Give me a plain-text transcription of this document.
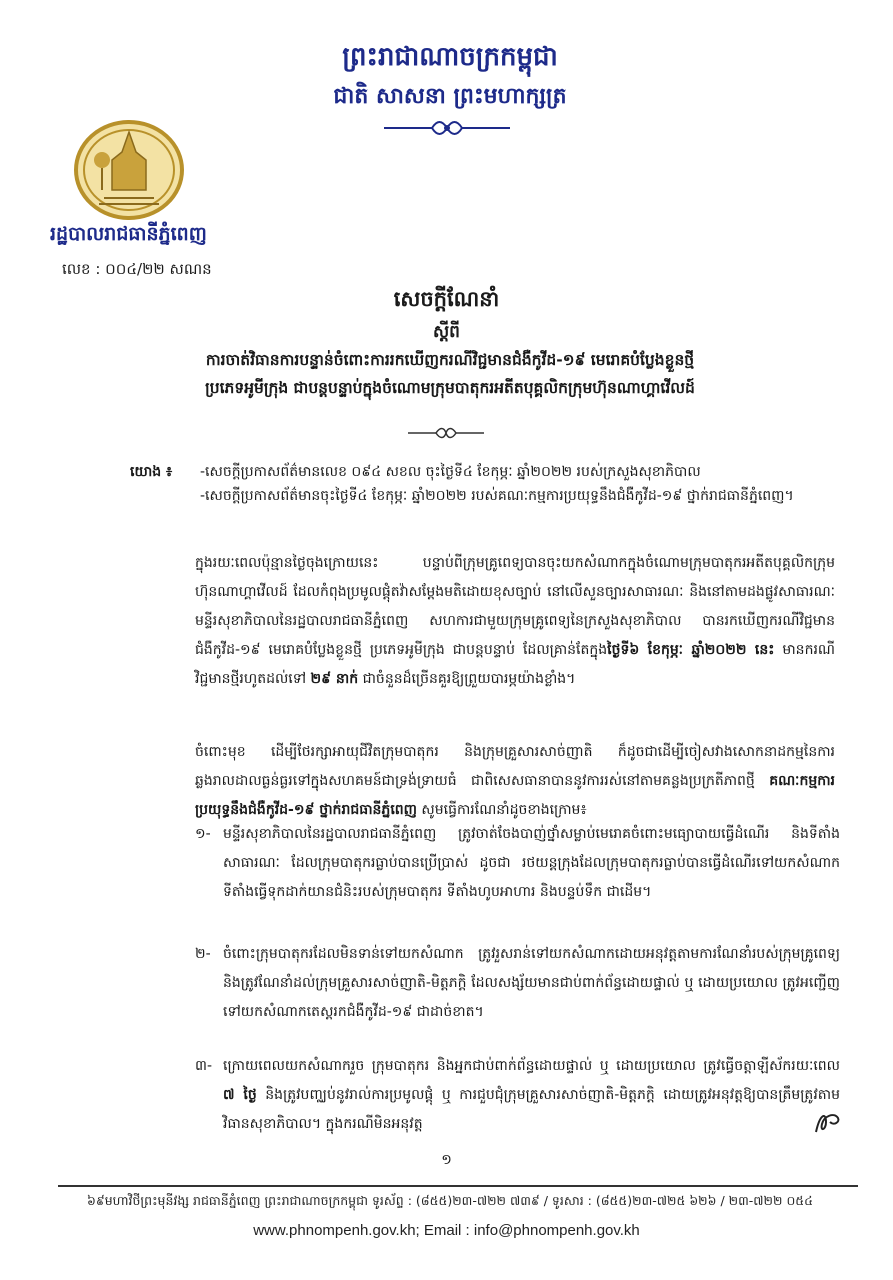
ព្រះរាជាណាចក្រកម្ពុជា
ជាតិ សាសនា ព្រះមហាក្សត្រ
រដ្ឋបាលរាជធានីភ្នំពេញ
លេខ : ០០៤/២២ សណន
សេចក្តីណែនាំ
ស្តីពី
ការចាត់វិធានការបន្ទាន់ចំពោះការរកឃើញករណីវិជ្ជមានជំងឺកូវីដ-១៩ មេរោគបំប្លែងខ្លួនថ្មី
ប្រភេទអូមីក្រុង ជាបន្តបន្ទាប់ក្នុងចំណោមក្រុមបាតុករអតីតបុគ្គលិកក្រុមហ៊ុនណាហ្គាវើលដ៍
យោង ៖ -សេចក្តីប្រកាសព័ត៌មានលេខ ០៩៤ សខល ចុះថ្ងៃទី៤ ខែកុម្ភៈ ឆ្នាំ២០២២ របស់ក្រសួងសុខាភិបាល
-សេចក្តីប្រកាសព័ត៌មានចុះថ្ងៃទី៤ ខែកុម្ភៈ ឆ្នាំ២០២២ របស់គណៈកម្មការប្រយុទ្ធនឹងជំងឺកូវីដ-១៩ ថ្នាក់រាជធានីភ្នំពេញ។
ក្នុងរយៈពេលប៉ុន្មានថ្ងៃចុងក្រោយនេះ បន្ទាប់ពីក្រុមគ្រូពេទ្យបានចុះយកសំណាកក្នុងចំណោមក្រុមបាតុករអតីតបុគ្គលិកក្រុមហ៊ុនណាហ្គាវើលដ៍ ដែលកំពុងប្រមូលផ្តុំតវ៉ាសម្តែងមតិដោយខុសច្បាប់ នៅលើសួនច្បារសាធារណៈ និងនៅតាមដងផ្លូវសាធារណៈ មន្ទីរសុខាភិបាលនៃរដ្ឋបាលរាជធានីភ្នំពេញ សហការជាមួយក្រុមគ្រូពេទ្យនៃក្រសួងសុខាភិបាល បានរកឃើញករណីវិជ្ជមានជំងឺកូវីដ-១៩ មេរោគបំប្លែងខ្លួនថ្មី ប្រភេទអូមីក្រុង ជាបន្តបន្ទាប់ ដែលគ្រាន់តែក្នុងថ្ងៃទី៦ ខែកុម្ភៈ ឆ្នាំ២០២២ នេះ មានករណីវិជ្ជមានថ្មីរហូតដល់ទៅ ២៩ នាក់ ជាចំនួនដ៏ច្រើនគួរឱ្យព្រួយបារម្ភយ៉ាងខ្លាំង។
ចំពោះមុខ ដើម្បីថែរក្សាអាយុជីវិតក្រុមបាតុករ និងក្រុមគ្រួសារសាច់ញាតិ ក៏ដូចជាដើម្បីចៀសវាងសោកនាដកម្មនៃការឆ្លងរាលដាលធ្ងន់ធ្ងរទៅក្នុងសហគមន៍ជាទ្រង់ទ្រាយធំ ជាពិសេសធានាបាននូវការរស់នៅតាមគន្លងប្រក្រតីភាពថ្មី គណៈកម្មការប្រយុទ្ធនឹងជំងឺកូវីដ-១៩ ថ្នាក់រាជធានីភ្នំពេញ សូមធ្វើការណែនាំដូចខាងក្រោម៖
១- មន្ទីរសុខាភិបាលនៃរដ្ឋបាលរាជធានីភ្នំពេញ ត្រូវចាត់ចែងបាញ់ថ្នាំសម្លាប់មេរោគចំពោះមធ្យោបាយធ្វើដំណើរ និងទីតាំងសាធារណៈ ដែលក្រុមបាតុករធ្លាប់បានប្រើប្រាស់ ដូចជា រថយន្តក្រុងដែលក្រុមបាតុករធ្លាប់បានធ្វើដំណើរទៅយកសំណាក ទីតាំងធ្វើទុកដាក់យានជំនិះរបស់ក្រុមបាតុករ ទីតាំងហូបអាហារ និងបន្ទប់ទឹក ជាដើម។
២- ចំពោះក្រុមបាតុករដែលមិនទាន់ទៅយកសំណាក ត្រូវរួសរាន់ទៅយកសំណាកដោយអនុវត្តតាមការណែនាំរបស់ក្រុមគ្រូពេទ្យ និងត្រូវណែនាំដល់ក្រុមគ្រួសារសាច់ញាតិ-មិត្តភក្តិ ដែលសង្ស័យមានជាប់ពាក់ព័ន្ធដោយផ្ទាល់ ឬ ដោយប្រយោល ត្រូវអញ្ជើញទៅយកសំណាកតេស្តរកជំងឺកូវីដ-១៩ ជាដាច់ខាត។
៣- ក្រោយពេលយកសំណាករួច ក្រុមបាតុករ និងអ្នកជាប់ពាក់ព័ន្ធដោយផ្ទាល់ ឬ ដោយប្រយោល ត្រូវធ្វើចត្តាឡីស័ករយៈពេល ៧ ថ្ងៃ និងត្រូវបញ្ឈប់នូវរាល់ការប្រមូលផ្តុំ ឬ ការជួបជុំក្រុមគ្រួសារសាច់ញាតិ-មិត្តភក្តិ ដោយត្រូវអនុវត្តឱ្យបានត្រឹមត្រូវតាមវិធានសុខាភិបាល។ ក្នុងករណីមិនអនុវត្ត
១
៦៩មហាវិថីព្រះមុនីវង្ស រាជធានីភ្នំពេញ ព្រះរាជាណាចក្រកម្ពុជា ទូរស័ព្ទ : (៨៥៥)២៣-៧២២ ៧៣៩ / ទូរសារ : (៨៥៥)២៣-៧២៥ ៦២៦ / ២៣-៧២២ ០៥៤
www.phnompenh.gov.kh; Email : info@phnompenh.gov.kh
